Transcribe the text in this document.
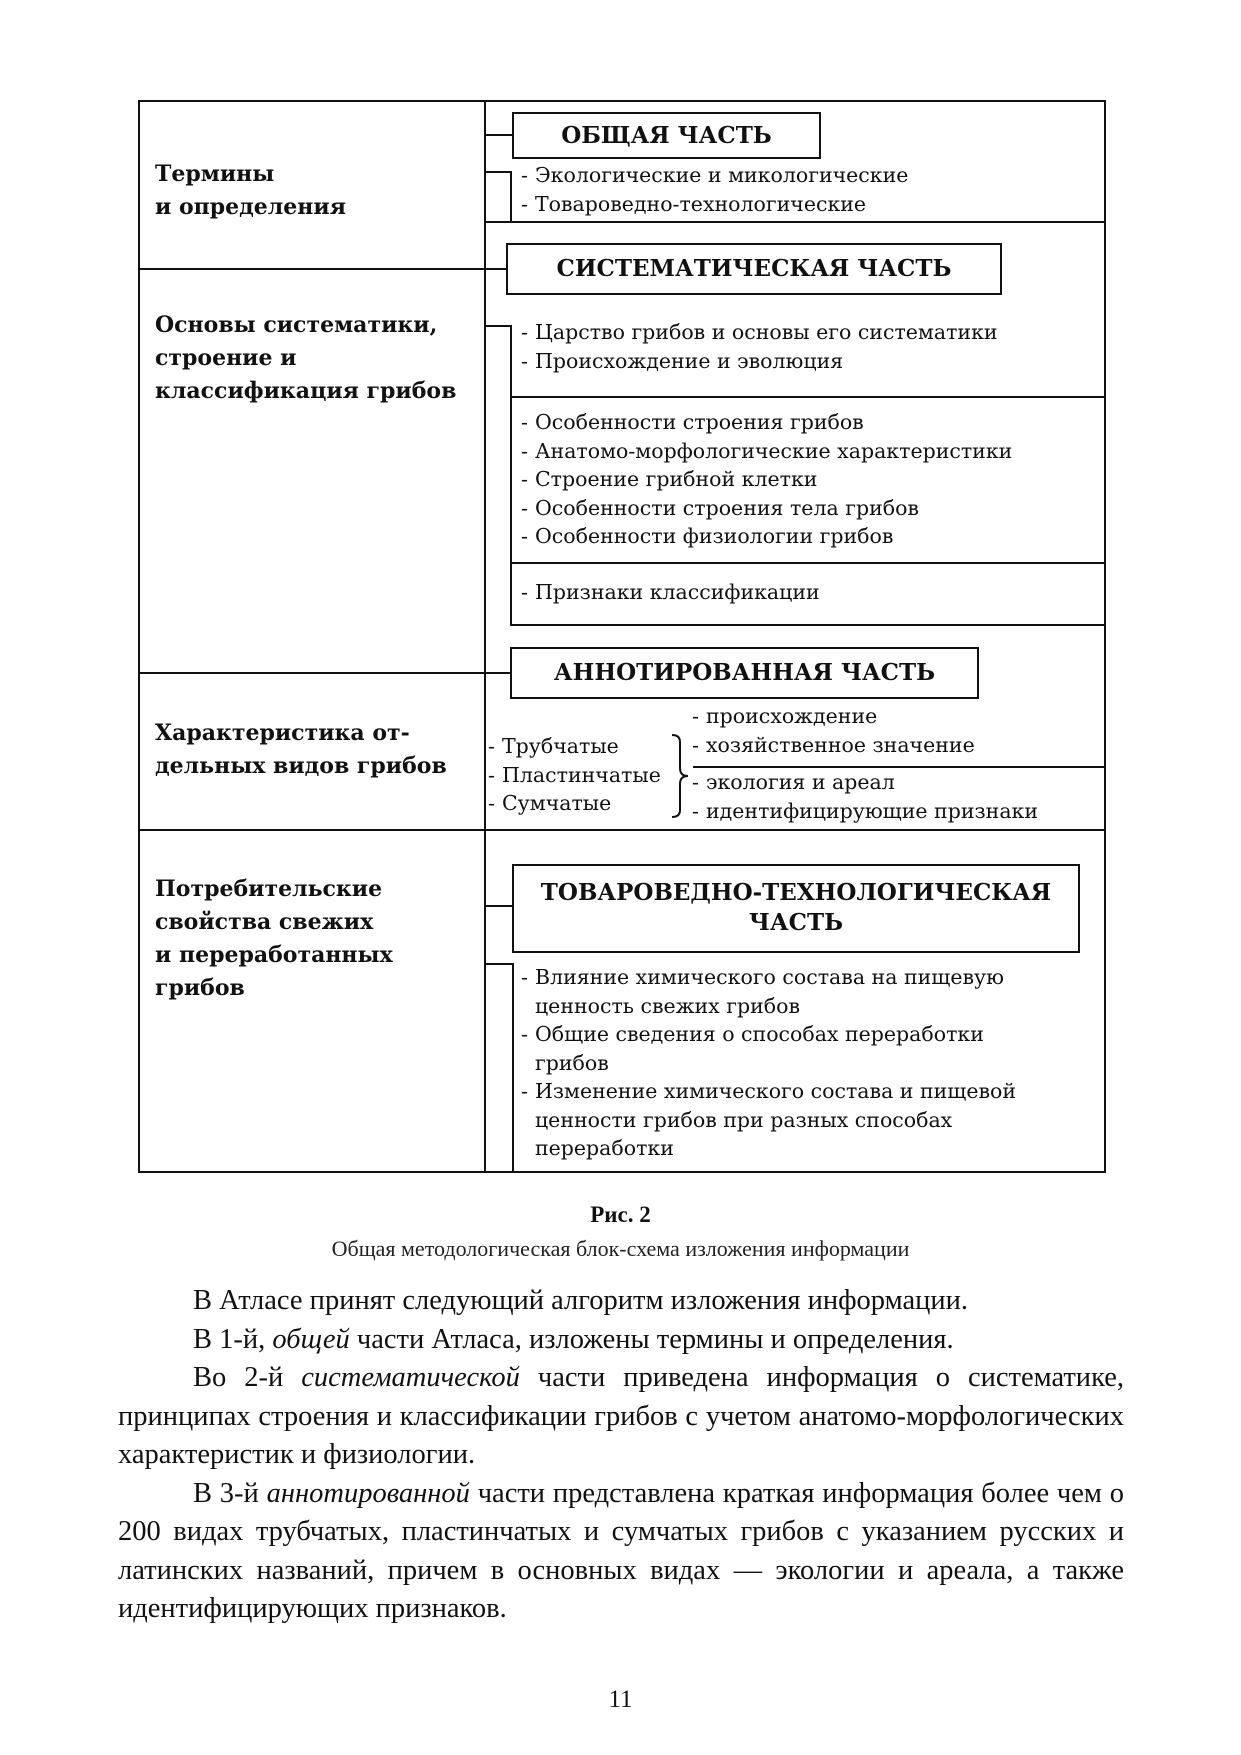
Термины
и определения
ОБЩАЯ ЧАСТЬ
- Экологические и микологические
- Товароведно-технологические
Основы систематики,
строение и
классификация грибов
СИСТЕМАТИЧЕСКАЯ ЧАСТЬ
- Царство грибов и основы его систематики
- Происхождение и эволюция
- Особенности строения грибов
- Анатомо-морфологические характеристики
- Строение грибной клетки
- Особенности строения тела грибов
- Особенности физиологии грибов
- Признаки классификации
Характеристика от-
дельных видов грибов
АННОТИРОВАННАЯ ЧАСТЬ
- Трубчатые
- Пластинчатые
- Сумчатые
- происхождение
- хозяйственное значение
- экология и ареал
- идентифицирующие признаки
Потребительские
свойства свежих
и переработанных
грибов
ТОВАРОВЕДНО-ТЕХНОЛОГИЧЕСКАЯ
ЧАСТЬ
- Влияние химического состава на пищевую
ценность свежих грибов
- Общие сведения о способах переработки
грибов
- Изменение химического состава и пищевой
ценности грибов при разных способах
переработки
Рис. 2
Общая методологическая блок-схема изложения информации

В Атласе принят следующий алгоритм изложения информации.

В 1-й, общей части Атласа, изложены термины и определения.

Во 2-й систематической части приведена информация о систематике, принципах строения и классификации грибов с учетом анатомо-морфологических характеристик и физиологии.

В 3-й аннотированной части представлена краткая информация более чем о 200 видах трубчатых, пластинчатых и сумчатых грибов с указанием русских и латинских названий, причем в основных видах — экологии и ареала, а также идентифицирующих признаков.

11
